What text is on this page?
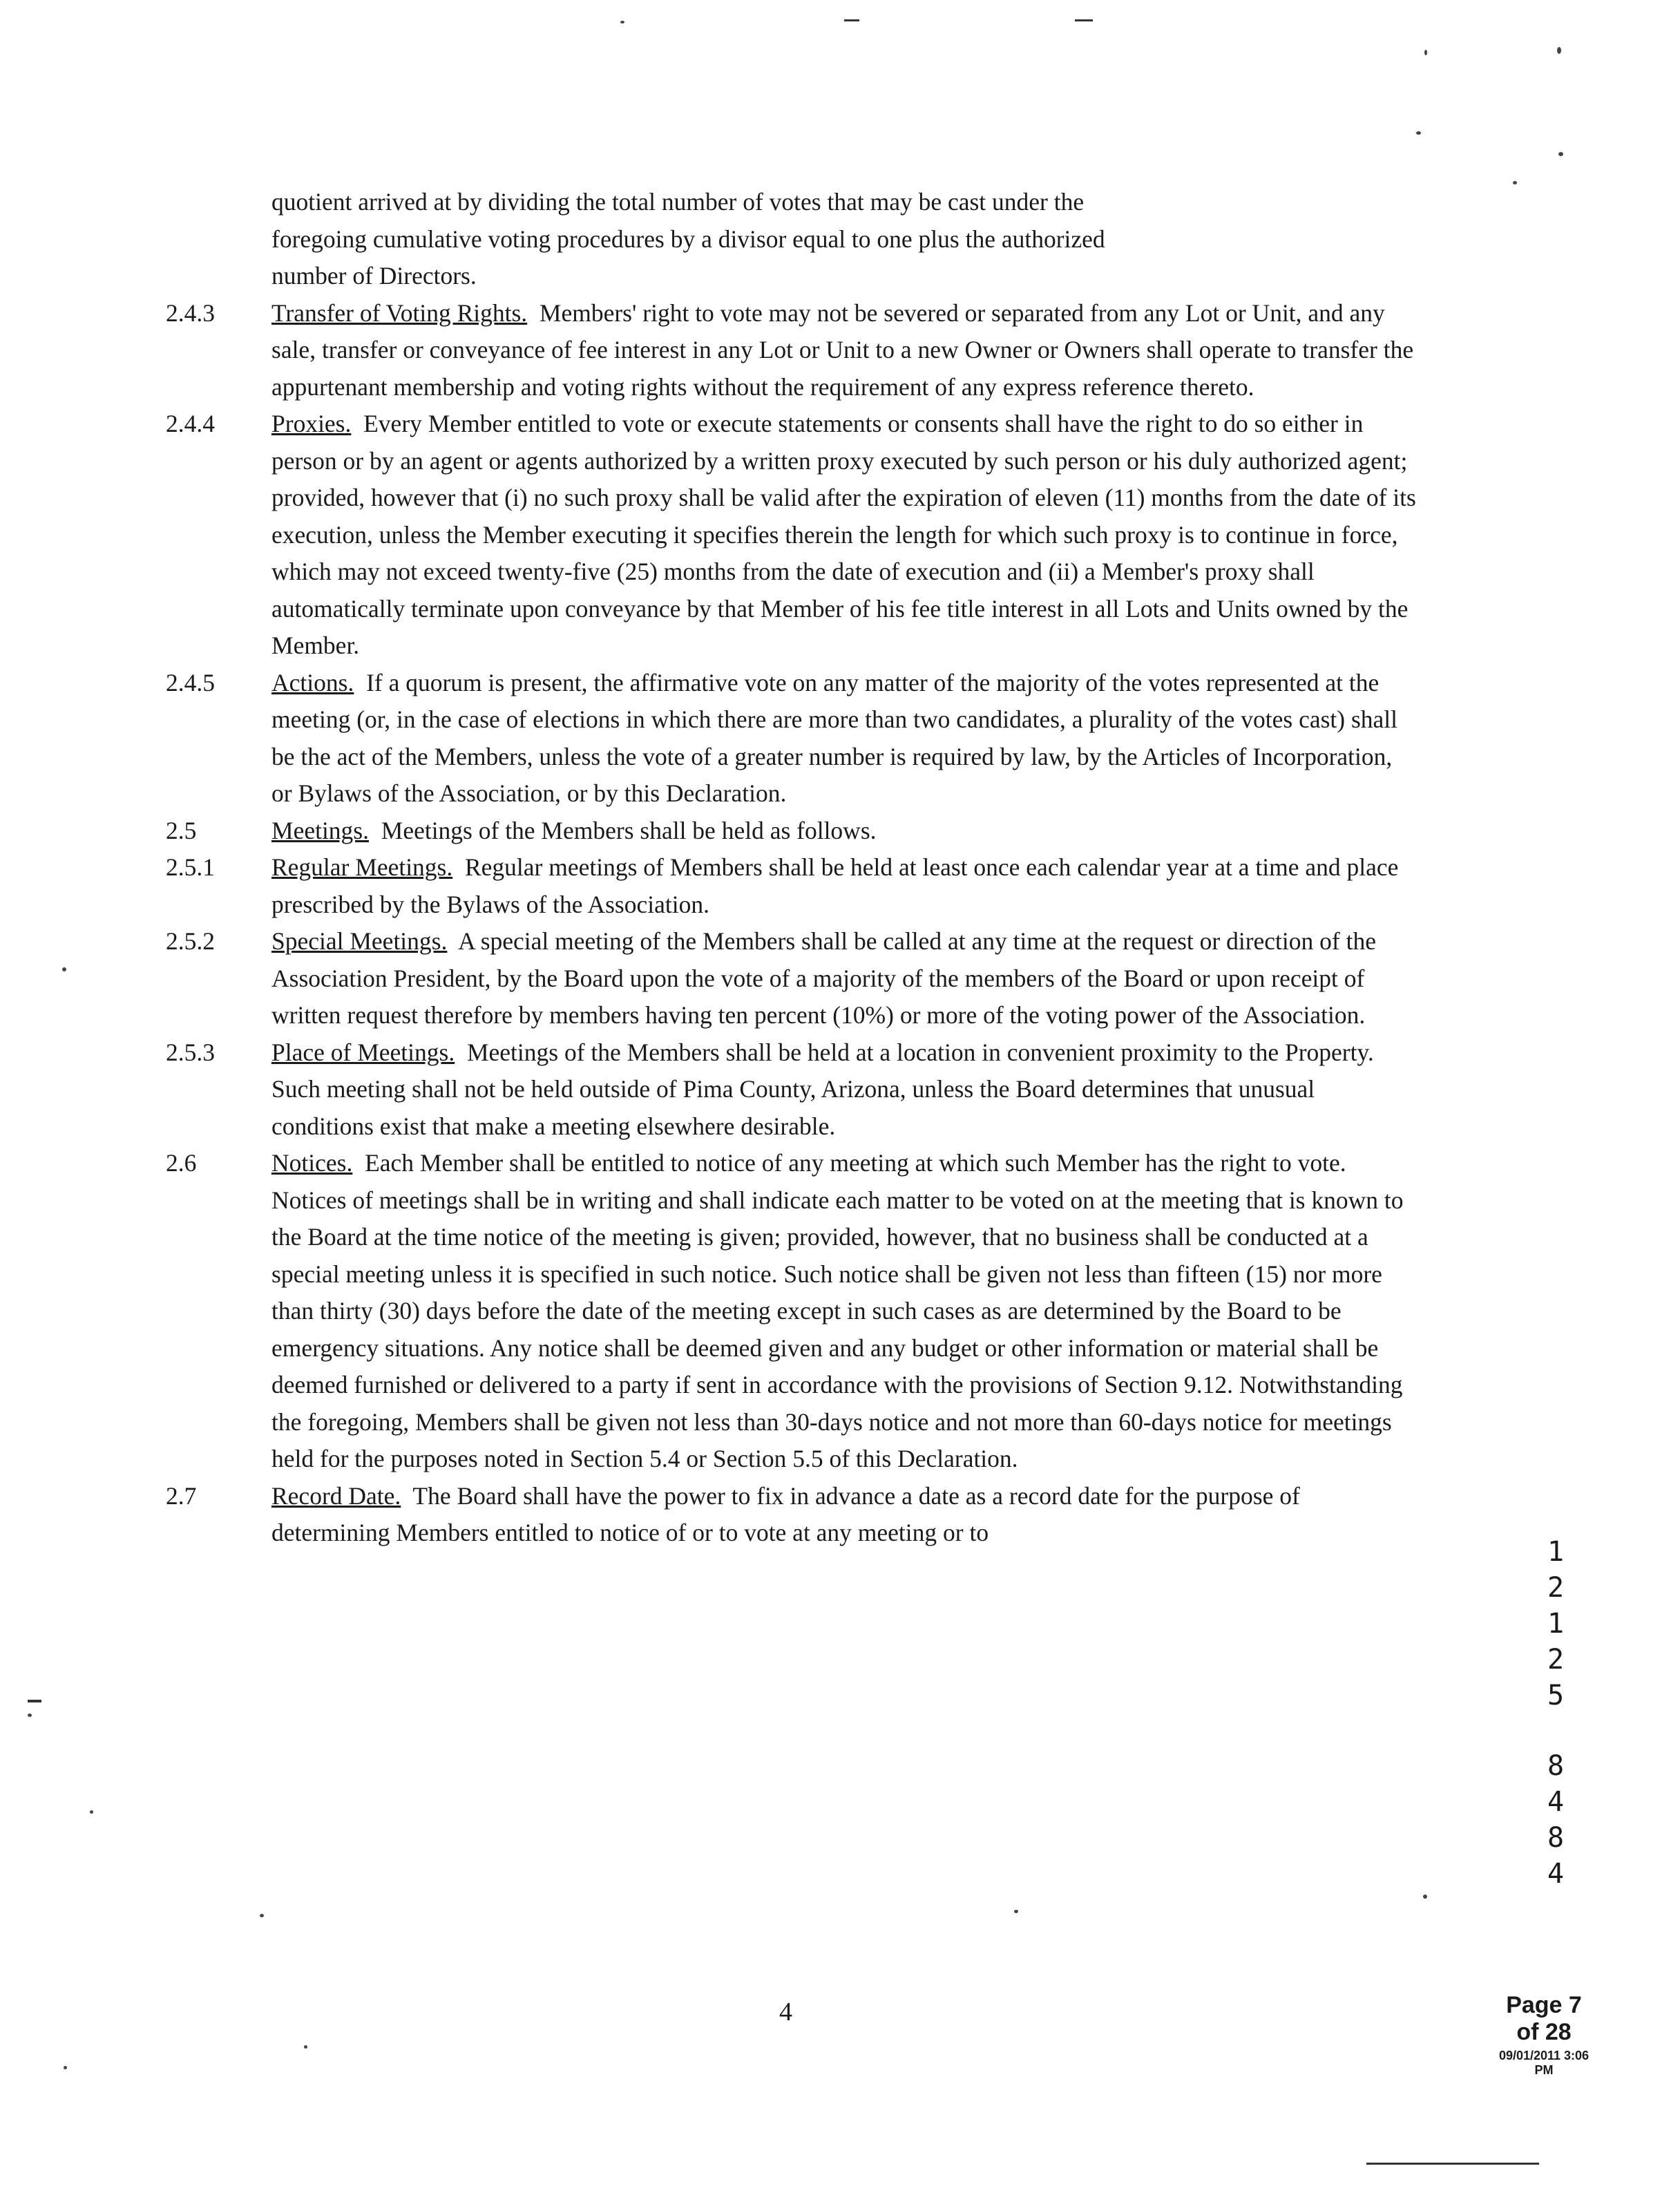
quotient arrived at by dividing the total number of votes that may be cast under the
foregoing cumulative voting procedures by a divisor equal to one plus the authorized
number of Directors.
2.4.3 Transfer of Voting Rights. Members' right to vote may not be severed or separated from any Lot or Unit, and any sale, transfer or conveyance of fee interest in any Lot or Unit to a new Owner or Owners shall operate to transfer the appurtenant membership and voting rights without the requirement of any express reference thereto.
2.4.4 Proxies. Every Member entitled to vote or execute statements or consents shall have the right to do so either in person or by an agent or agents authorized by a written proxy executed by such person or his duly authorized agent; provided, however that (i) no such proxy shall be valid after the expiration of eleven (11) months from the date of its execution, unless the Member executing it specifies therein the length for which such proxy is to continue in force, which may not exceed twenty-five (25) months from the date of execution and (ii) a Member's proxy shall automatically terminate upon conveyance by that Member of his fee title interest in all Lots and Units owned by the Member.
2.4.5 Actions. If a quorum is present, the affirmative vote on any matter of the majority of the votes represented at the meeting (or, in the case of elections in which there are more than two candidates, a plurality of the votes cast) shall be the act of the Members, unless the vote of a greater number is required by law, by the Articles of Incorporation, or Bylaws of the Association, or by this Declaration.
2.5	Meetings. Meetings of the Members shall be held as follows.
2.5.1 Regular Meetings. Regular meetings of Members shall be held at least once each calendar year at a time and place prescribed by the Bylaws of the Association.
2.5.2 Special Meetings. A special meeting of the Members shall be called at any time at the request or direction of the Association President, by the Board upon the vote of a majority of the members of the Board or upon receipt of written request therefore by members having ten percent (10%) or more of the voting power of the Association.
2.5.3 Place of Meetings. Meetings of the Members shall be held at a location in convenient proximity to the Property. Such meeting shall not be held outside of Pima County, Arizona, unless the Board determines that unusual conditions exist that make a meeting elsewhere desirable.
2.6	Notices. Each Member shall be entitled to notice of any meeting at which such Member has the right to vote. Notices of meetings shall be in writing and shall indicate each matter to be voted on at the meeting that is known to the Board at the time notice of the meeting is given; provided, however, that no business shall be conducted at a special meeting unless it is specified in such notice. Such notice shall be given not less than fifteen (15) nor more than thirty (30) days before the date of the meeting except in such cases as are determined by the Board to be emergency situations. Any notice shall be deemed given and any budget or other information or material shall be deemed furnished or delivered to a party if sent in accordance with the provisions of Section 9.12. Notwithstanding the foregoing, Members shall be given not less than 30-days notice and not more than 60-days notice for meetings held for the purposes noted in Section 5.4 or Section 5.5 of this Declaration.
2.7	Record Date. The Board shall have the power to fix in advance a date as a record date for the purpose of determining Members entitled to notice of or to vote at any meeting or to
1
2
1
2
5
8
4
8
4
4	Page 7 of 28
09/01/2011 3:06 PM
